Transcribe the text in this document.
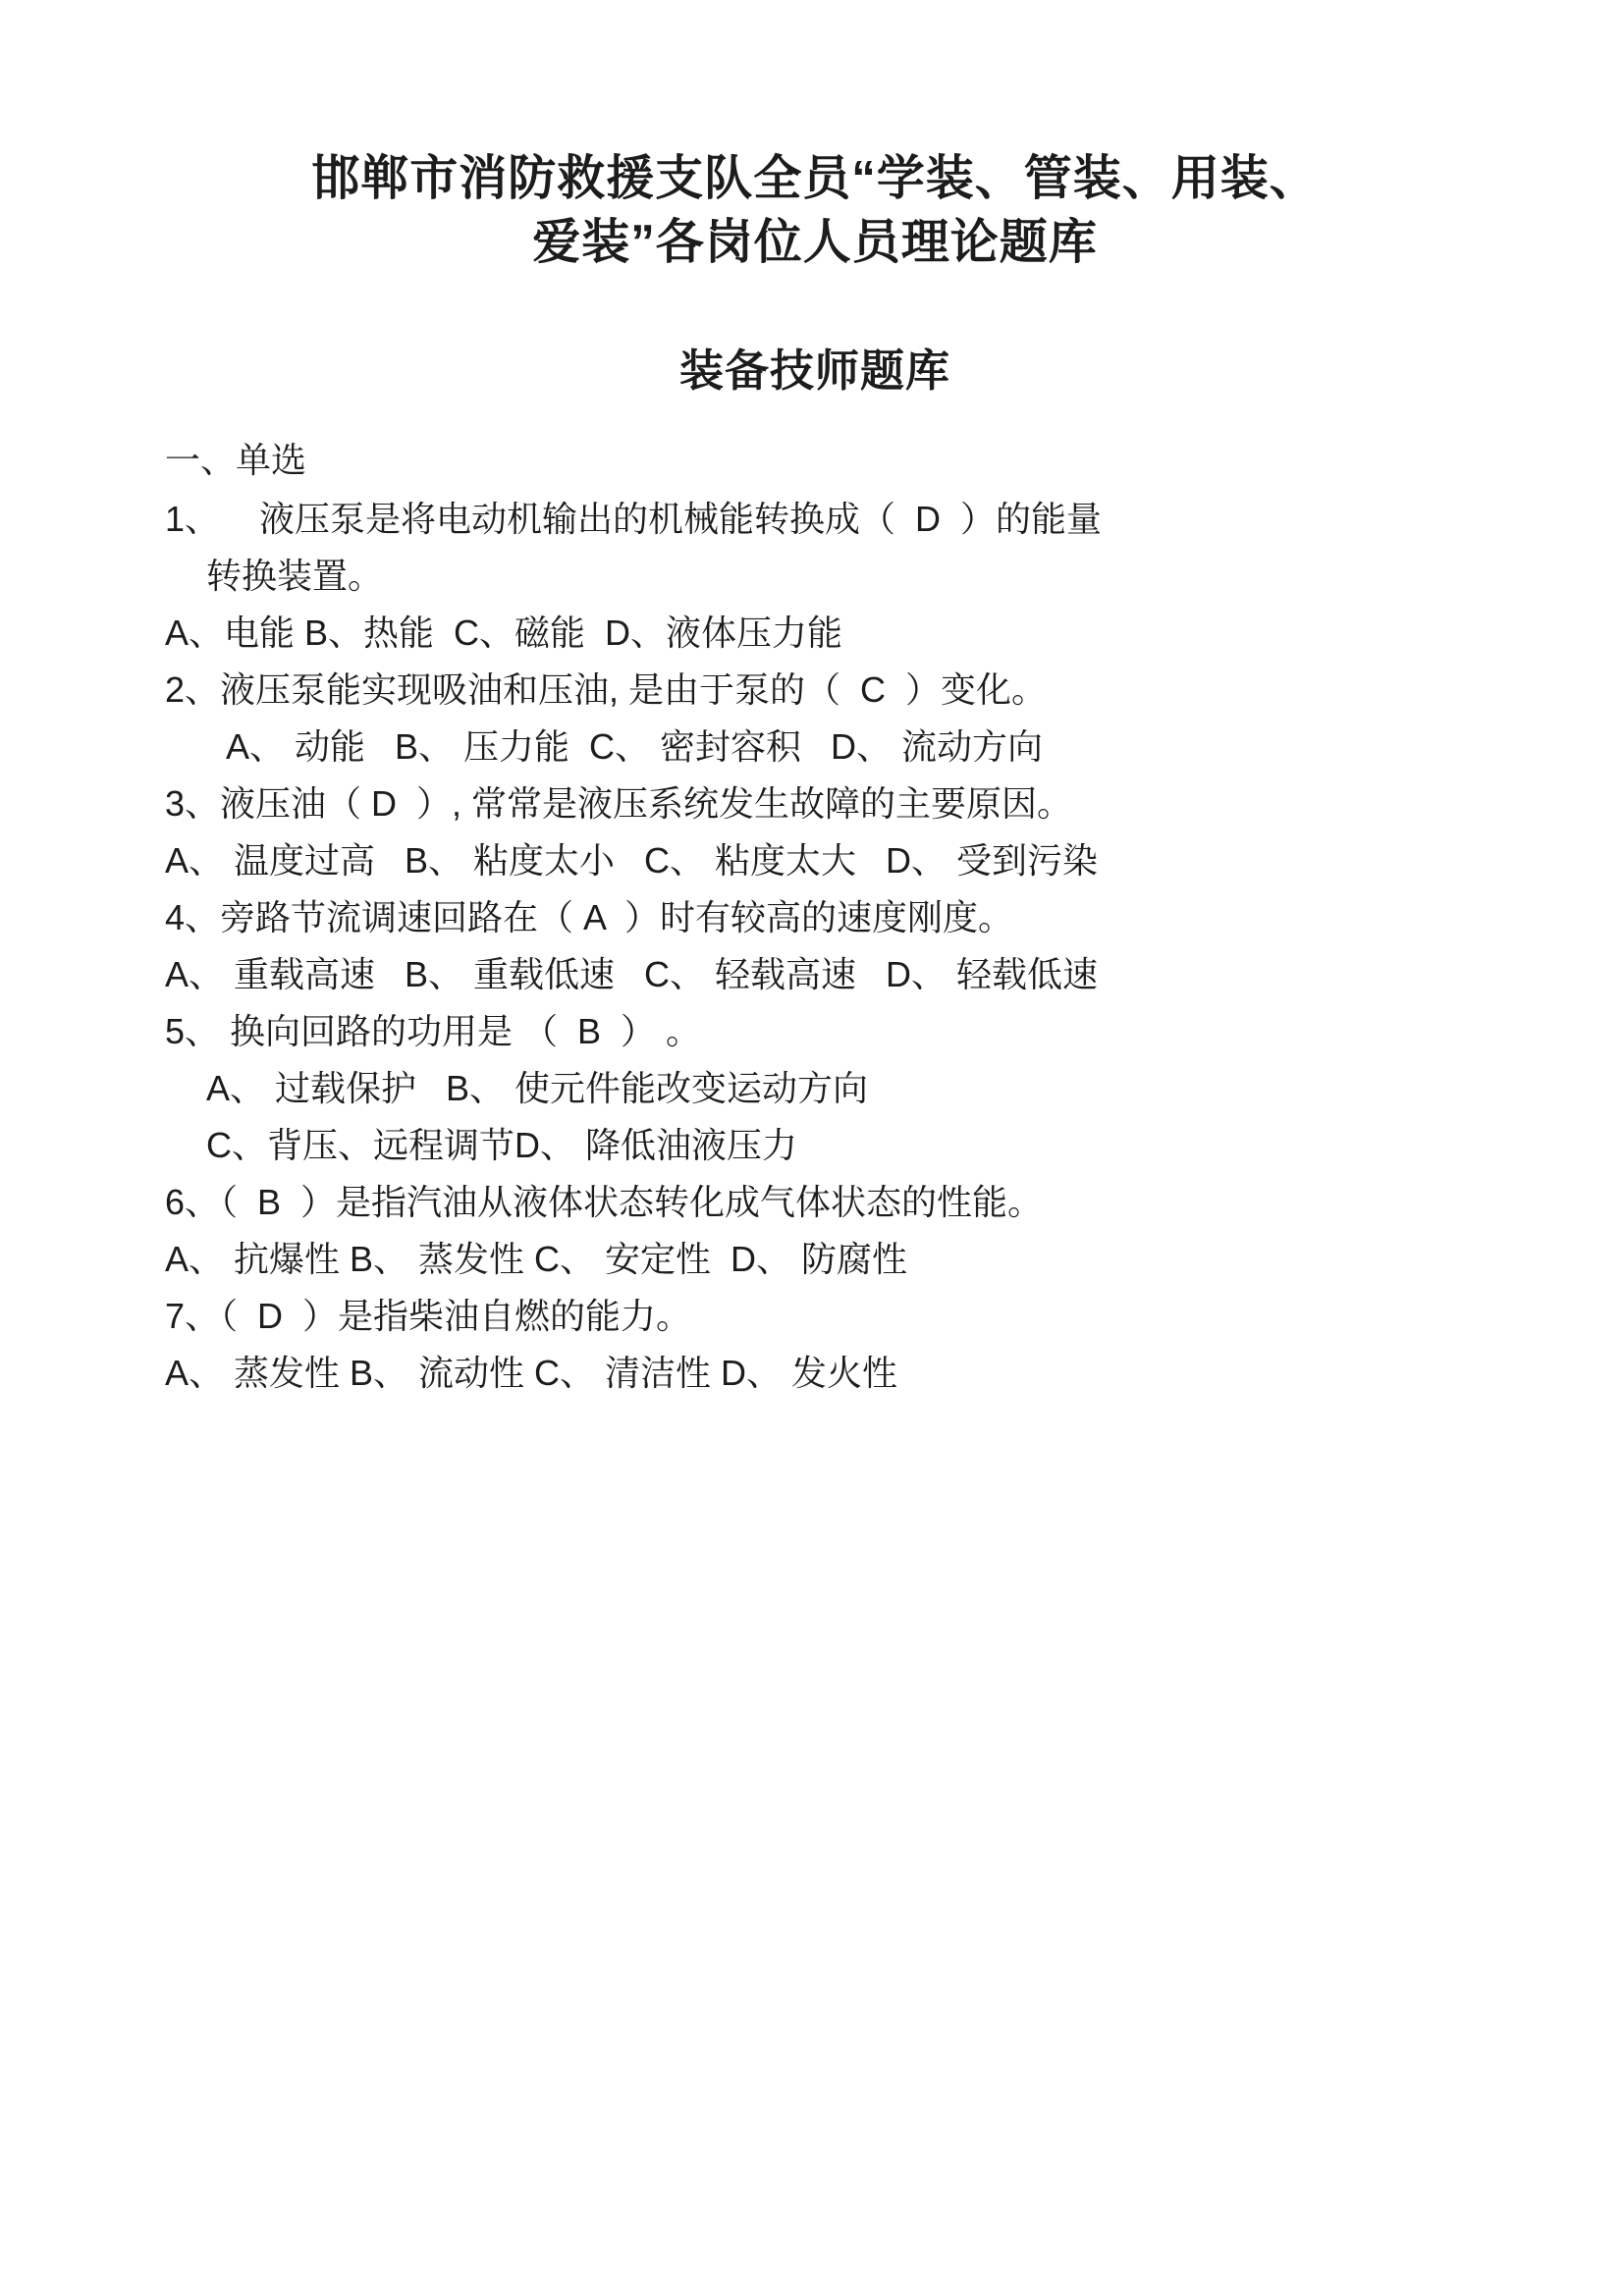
邯郸市消防救援支队全员“学装、管装、用装、
爱装”各岗位人员理论题库
装备技师题库
一、单选

1、    液压泵是将电动机输出的机械能转换成（  D  ）的能量

转换装置。

A、电能 B、热能  C、磁能  D、液体压力能

2、液压泵能实现吸油和压油, 是由于泵的（  C  ）变化。

A、 动能   B、 压力能  C、 密封容积   D、 流动方向

3、液压油（ D  ）, 常常是液压系统发生故障的主要原因。

A、 温度过高   B、 粘度太小   C、 粘度太大   D、 受到污染

4、旁路节流调速回路在（ A  ）时有较高的速度刚度。

A、 重载高速   B、 重载低速   C、 轻载高速   D、 轻载低速

5、 换向回路的功用是 （  B  ） 。

A、 过载保护   B、 使元件能改变运动方向

C、背压、远程调节D、 降低油液压力

6、（  B  ）是指汽油从液体状态转化成气体状态的性能。

A、 抗爆性 B、 蒸发性 C、 安定性  D、 防腐性

7、（  D  ）是指柴油自燃的能力。

A、 蒸发性 B、 流动性 C、 清洁性 D、 发火性
